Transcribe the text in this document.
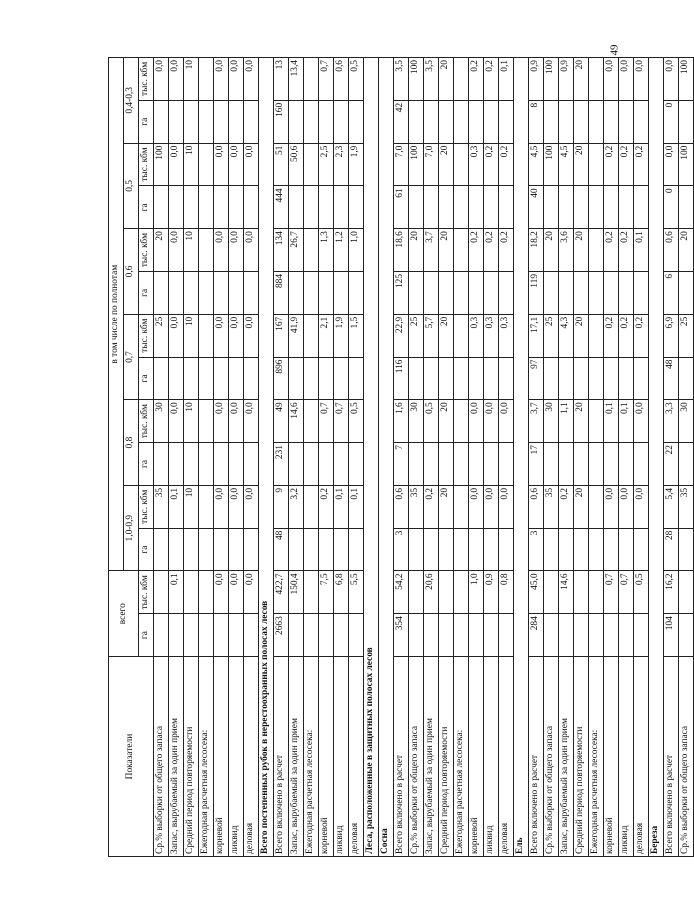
49
Показатели	всего		в том числе по полнотам											
			1,0-0,9		0,8		0,7		0,6		0,5		0,4-0,3	
	га	тыс. кбм	га	тыс. кбм	га	тыс. кбм	га	тыс. кбм	га	тыс. кбм	га	тыс. кбм	га	тыс. кбм
Ср.% выборки от общего запаса				35		30		25		20		100		0,0
Запас, вырубаемый за один прием		0,1		0,1		0,0		0,0		0,0		0,0		0,0
Средний период повторяемости				10		10		10		10		10		10
Ежегодная расчетная лесосека:														
корневой		0,0		0,0		0,0		0,0		0,0		0,0		0,0
ликвид		0,0		0,0		0,0		0,0		0,0		0,0		0,0
деловая		0,0		0,0		0,0		0,0		0,0		0,0		0,0
Всего постепенных рубок в нерестоохранных полосах лесов														
Всего включено в расчет	2663	422,7	48	9	231	49	896	167	884	134	444	51	160	13
Запас, вырубаемый за один прием		150,4		3,2		14,6		41,9		26,7		50,6		13,4
Ежегодная расчетная лесосека:														
корневой		7,5		0,2		0,7		2,1		1,3		2,5		0,7
ликвид		6,8		0,1		0,7		1,9		1,2		2,3		0,6
деловая		5,5		0,1		0,5		1,5		1,0		1,9		0,5
Леса, расположенные в защитных полосах лесов														
Сосна														
Всего включено в расчет	354	54,2	3	0,6	7	1,6	116	22,9	125	18,6	61	7,0	42	3,5
Ср.% выборки от общего запаса				35		30		25		20		100		100
Запас, вырубаемый за один прием		20,6		0,2		0,5		5,7		3,7		7,0		3,5
Средний период повторяемости				20		20		20		20		20		20
Ежегодная расчетная лесосека:														
корневой		1,0		0,0		0,0		0,3		0,2		0,3		0,2
ликвид		0,9		0,0		0,0		0,3		0,2		0,2		0,2
деловая		0,8		0,0		0,0		0,3		0,2		0,2		0,1
Ель														
Всего включено в расчет	284	45,0	3	0,6	17	3,7	97	17,1	119	18,2	40	4,5	8	0,9
Ср.% выборки от общего запаса				35		30		25		20		100		100
Запас, вырубаемый за один прием		14,6		0,2		1,1		4,3		3,6		4,5		0,9
Средний период повторяемости				20		20		20		20		20		20
Ежегодная расчетная лесосека:														
корневой		0,7		0,0		0,1		0,2		0,2		0,2		0,0
ликвид		0,7		0,0		0,1		0,2		0,2		0,2		0,0
деловая		0,5		0,0		0,0		0,2		0,1		0,2		0,0
Береза														
Всего включено в расчет	104	16,2	28	5,4	22	3,3	48	6,9	6	0,6	0	0,0	0	0,0
Ср.% выборки от общего запаса				35		30		25		20		100		100
